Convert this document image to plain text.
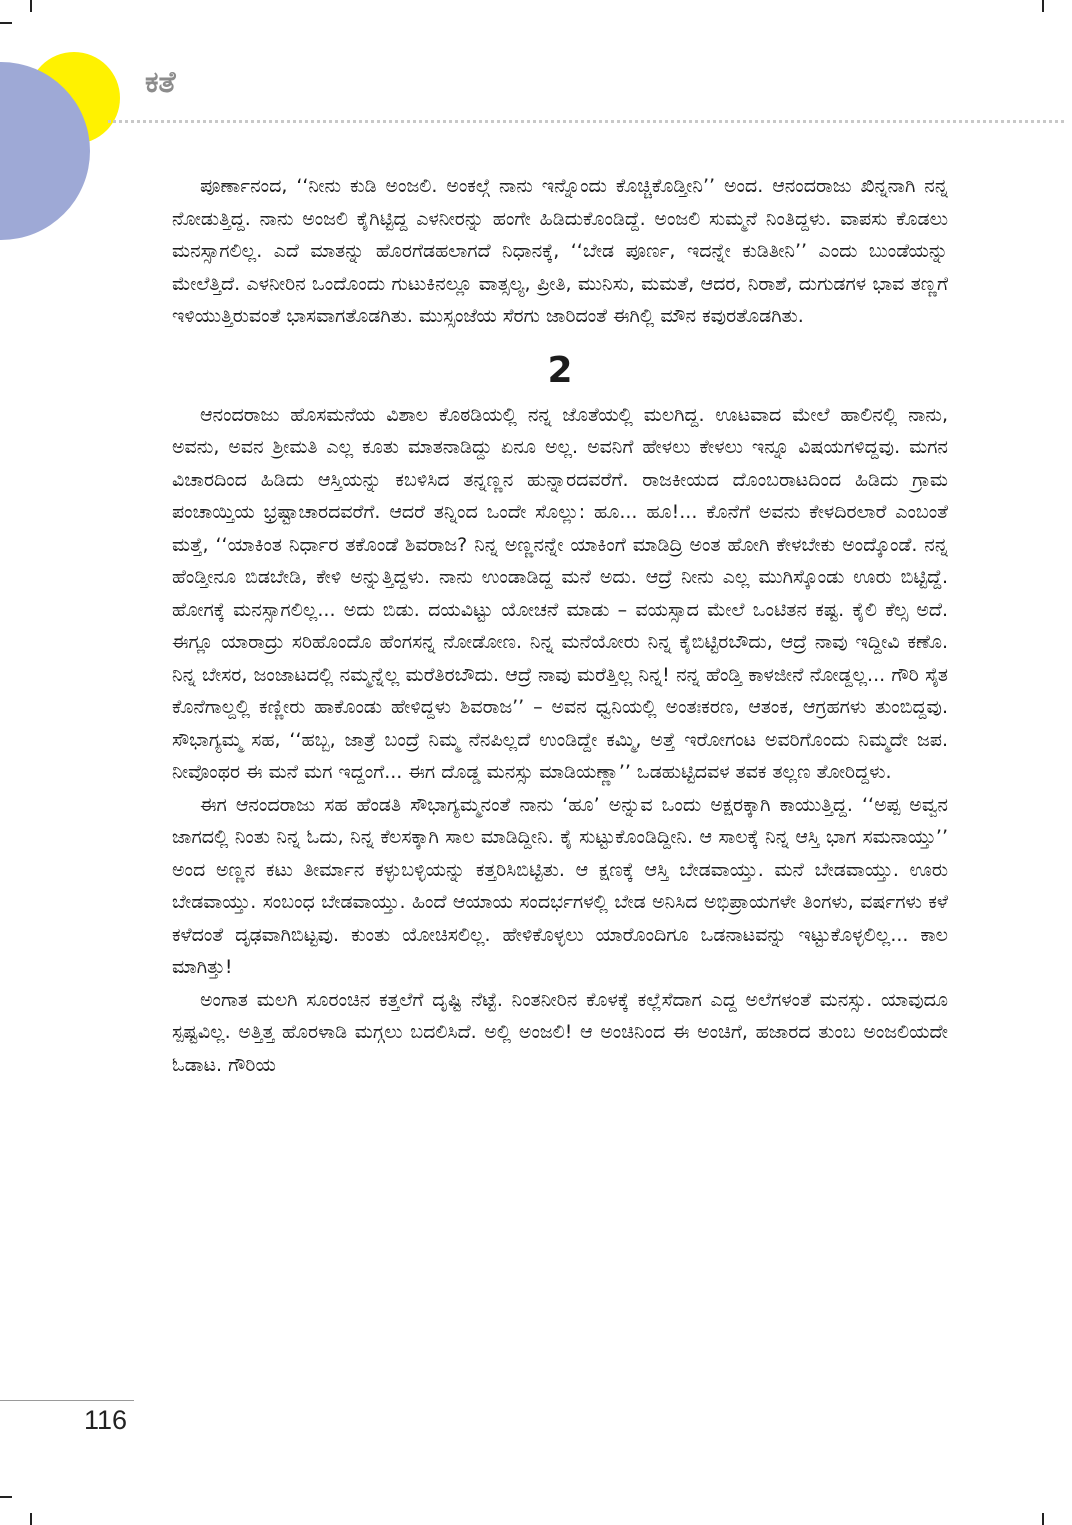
ಕತೆ

ಪೂರ್ಣಾನಂದ, ‘‘ನೀನು ಕುಡಿ ಅಂಜಲಿ. ಅಂಕಲ್ಗೆ ನಾನು ಇನ್ನೊಂದು ಕೊಚ್ಚಿಕೊಡ್ತೀನಿ’’ ಅಂದ. ಆನಂದರಾಜು ಖಿನ್ನನಾಗಿ ನನ್ನ ನೋಡುತ್ತಿದ್ದ. ನಾನು ಅಂಜಲಿ ಕೈಗಿಟ್ಟಿದ್ದ ಎಳನೀರನ್ನು ಹಂಗೇ ಹಿಡಿದುಕೊಂಡಿದ್ದೆ. ಅಂಜಲಿ ಸುಮ್ಮನೆ ನಿಂತಿದ್ದಳು. ವಾಪಸು ಕೊಡಲು ಮನಸ್ಸಾಗಲಿಲ್ಲ. ಎದೆ ಮಾತನ್ನು ಹೊರಗೆಡಹಲಾಗದೆ ನಿಧಾನಕ್ಕೆ, ‘‘ಬೇಡ ಪೂರ್ಣ, ಇದನ್ನೇ ಕುಡಿತೀನಿ’’ ಎಂದು ಬುಂಡೆಯನ್ನು ಮೇಲೆತ್ತಿದೆ. ಎಳನೀರಿನ ಒಂದೊಂದು ಗುಟುಕಿನಲ್ಲೂ ವಾತ್ಸಲ್ಯ, ಪ್ರೀತಿ, ಮುನಿಸು, ಮಮತೆ, ಆದರ, ನಿರಾಶೆ, ದುಗುಡಗಳ ಭಾವ ತಣ್ಣಗೆ ಇಳಿಯುತ್ತಿರುವಂತೆ ಭಾಸವಾಗತೊಡಗಿತು. ಮುಸ್ಸಂಜೆಯ ಸೆರಗು ಜಾರಿದಂತೆ ಈಗಿಲ್ಲಿ ಮೌನ ಕವುರತೊಡಗಿತು.

2

ಆನಂದರಾಜು ಹೊಸಮನೆಯ ವಿಶಾಲ ಕೊಠಡಿಯಲ್ಲಿ ನನ್ನ ಜೊತೆಯಲ್ಲಿ ಮಲಗಿದ್ದ. ಊಟವಾದ ಮೇಲೆ ಹಾಲಿನಲ್ಲಿ ನಾನು, ಅವನು, ಅವನ ಶ್ರೀಮತಿ ಎಲ್ಲ ಕೂತು ಮಾತನಾಡಿದ್ದು ಏನೂ ಅಲ್ಲ. ಅವನಿಗೆ ಹೇಳಲು ಕೇಳಲು ಇನ್ನೂ ವಿಷಯಗಳಿದ್ದವು. ಮಗನ ವಿಚಾರದಿಂದ ಹಿಡಿದು ಆಸ್ತಿಯನ್ನು ಕಬಳಿಸಿದ ತನ್ನಣ್ಣನ ಹುನ್ನಾರದವರೆಗೆ. ರಾಜಕೀಯದ ದೊಂಬರಾಟದಿಂದ ಹಿಡಿದು ಗ್ರಾಮ ಪಂಚಾಯ್ತಿಯ ಭ್ರಷ್ಟಾಚಾರದವರೆಗೆ. ಆದರೆ ತನ್ನಿಂದ ಒಂದೇ ಸೊಲ್ಲು: ಹೂ... ಹೂ!... ಕೊನೆಗೆ ಅವನು ಕೇಳದಿರಲಾರೆ ಎಂಬಂತೆ ಮತ್ತೆ, ‘‘ಯಾಕಿಂತ ನಿರ್ಧಾರ ತಕೊಂಡೆ ಶಿವರಾಜ? ನಿನ್ನ ಅಣ್ಣನನ್ನೇ ಯಾಕಿಂಗೆ ಮಾಡಿದ್ರಿ ಅಂತ ಹೋಗಿ ಕೇಳಬೇಕು ಅಂದ್ಕೊಂಡೆ. ನನ್ನ ಹೆಂಡ್ತೀನೂ ಬಿಡಬೇಡಿ, ಕೇಳಿ ಅನ್ನುತ್ತಿದ್ದಳು. ನಾನು ಉಂಡಾಡಿದ್ದ ಮನೆ ಅದು. ಆದ್ರೆ ನೀನು ಎಲ್ಲ ಮುಗಿಸ್ಕೊಂಡು ಊರು ಬಿಟ್ಟಿದ್ದೆ. ಹೋಗಕ್ಕೆ ಮನಸ್ಸಾಗಲಿಲ್ಲ... ಅದು ಬಿಡು. ದಯವಿಟ್ಟು ಯೋಚನೆ ಮಾಡು – ವಯಸ್ಸಾದ ಮೇಲೆ ಒಂಟಿತನ ಕಷ್ಟ. ಕೈಲಿ ಕೆಲ್ಸ ಅದೆ. ಈಗ್ಲೂ ಯಾರಾದ್ರು ಸರಿಹೊಂದೊ ಹೆಂಗಸನ್ನ ನೋಡೋಣ. ನಿನ್ನ ಮನೆಯೋರು ನಿನ್ನ ಕೈಬಿಟ್ಟಿರಬೌದು, ಆದ್ರೆ ನಾವು ಇದ್ದೀವಿ ಕಣೊ. ನಿನ್ನ ಬೇಸರ, ಜಂಜಾಟದಲ್ಲಿ ನಮ್ಮನ್ನೆಲ್ಲ ಮರೆತಿರಬೌದು. ಆದ್ರೆ ನಾವು ಮರೆತ್ತಿಲ್ಲ ನಿನ್ನ! ನನ್ನ ಹೆಂಡ್ತಿ ಕಾಳಜೀನೆ ನೋಡ್ದಲ್ಲ... ಗೌರಿ ಸೈತ ಕೊನೆಗಾಲ್ದಲ್ಲಿ ಕಣ್ಣೀರು ಹಾಕೊಂಡು ಹೇಳಿದ್ದಳು ಶಿವರಾಜ’’ – ಅವನ ಧ್ವನಿಯಲ್ಲಿ ಅಂತಃಕರಣ, ಆತಂಕ, ಆಗ್ರಹಗಳು ತುಂಬಿದ್ದವು. ಸೌಭಾಗ್ಯಮ್ಮ ಸಹ, ‘‘ಹಬ್ಬ, ಜಾತ್ರೆ ಬಂದ್ರೆ ನಿಮ್ಮ ನೆನಪಿಲ್ಲದೆ ಉಂಡಿದ್ದೇ ಕಮ್ಮಿ, ಅತ್ತೆ ಇರೋಗಂಟ ಅವರಿಗೊಂದು ನಿಮ್ಮದೇ ಜಪ. ನೀವೊಂಥರ ಈ ಮನೆ ಮಗ ಇದ್ದಂಗೆ... ಈಗ ದೊಡ್ಡ ಮನಸ್ಸು ಮಾಡಿಯಣ್ಣಾ’’ ಒಡಹುಟ್ಟಿದವಳ ತವಕ ತಲ್ಲಣ ತೋರಿದ್ದಳು.

ಈಗ ಆನಂದರಾಜು ಸಹ ಹೆಂಡತಿ ಸೌಭಾಗ್ಯಮ್ಮನಂತೆ ನಾನು ‘ಹೂ’ ಅನ್ನುವ ಒಂದು ಅಕ್ಷರಕ್ಕಾಗಿ ಕಾಯುತ್ತಿದ್ದ. ‘‘ಅಪ್ಪ ಅವ್ವನ ಜಾಗದಲ್ಲಿ ನಿಂತು ನಿನ್ನ ಓದು, ನಿನ್ನ ಕೆಲಸಕ್ಕಾಗಿ ಸಾಲ ಮಾಡಿದ್ದೀನಿ. ಕೈ ಸುಟ್ಟುಕೊಂಡಿದ್ದೀನಿ. ಆ ಸಾಲಕ್ಕೆ ನಿನ್ನ ಆಸ್ತಿ ಭಾಗ ಸಮನಾಯ್ತು’’ ಅಂದ ಅಣ್ಣನ ಕಟು ತೀರ್ಮಾನ ಕಳ್ಳುಬಳ್ಳಿಯನ್ನು ಕತ್ತರಿಸಿಬಿಟ್ಟಿತು. ಆ ಕ್ಷಣಕ್ಕೆ ಆಸ್ತಿ ಬೇಡವಾಯ್ತು. ಮನೆ ಬೇಡವಾಯ್ತು. ಊರು ಬೇಡವಾಯ್ತು. ಸಂಬಂಧ ಬೇಡವಾಯ್ತು. ಹಿಂದೆ ಆಯಾಯ ಸಂದರ್ಭಗಳಲ್ಲಿ ಬೇಡ ಅನಿಸಿದ ಅಭಿಪ್ರಾಯಗಳೇ ತಿಂಗಳು, ವರ್ಷಗಳು ಕಳೆ ಕಳೆದಂತೆ ದೃಢವಾಗಿಬಿಟ್ಟವು. ಕುಂತು ಯೋಚಿಸಲಿಲ್ಲ. ಹೇಳಿಕೊಳ್ಳಲು ಯಾರೊಂದಿಗೂ ಒಡನಾಟವನ್ನು ಇಟ್ಟುಕೊಳ್ಳಲಿಲ್ಲ... ಕಾಲ ಮಾಗಿತ್ತು!

ಅಂಗಾತ ಮಲಗಿ ಸೂರಂಚಿನ ಕತ್ತಲೆಗೆ ದೃಷ್ಟಿ ನೆಟ್ಟೆ. ನಿಂತನೀರಿನ ಕೊಳಕ್ಕೆ ಕಲ್ಲೆಸೆದಾಗ ಎದ್ದ ಅಲೆಗಳಂತೆ ಮನಸ್ಸು. ಯಾವುದೂ ಸ್ಪಷ್ಟವಿಲ್ಲ. ಅತ್ತಿತ್ತ ಹೊರಳಾಡಿ ಮಗ್ಗಲು ಬದಲಿಸಿದೆ. ಅಲ್ಲಿ ಅಂಜಲಿ! ಆ ಅಂಚಿನಿಂದ ಈ ಅಂಚಿಗೆ, ಹಜಾರದ ತುಂಬ ಅಂಜಲಿಯದೇ ಓಡಾಟ. ಗೌರಿಯ

116
